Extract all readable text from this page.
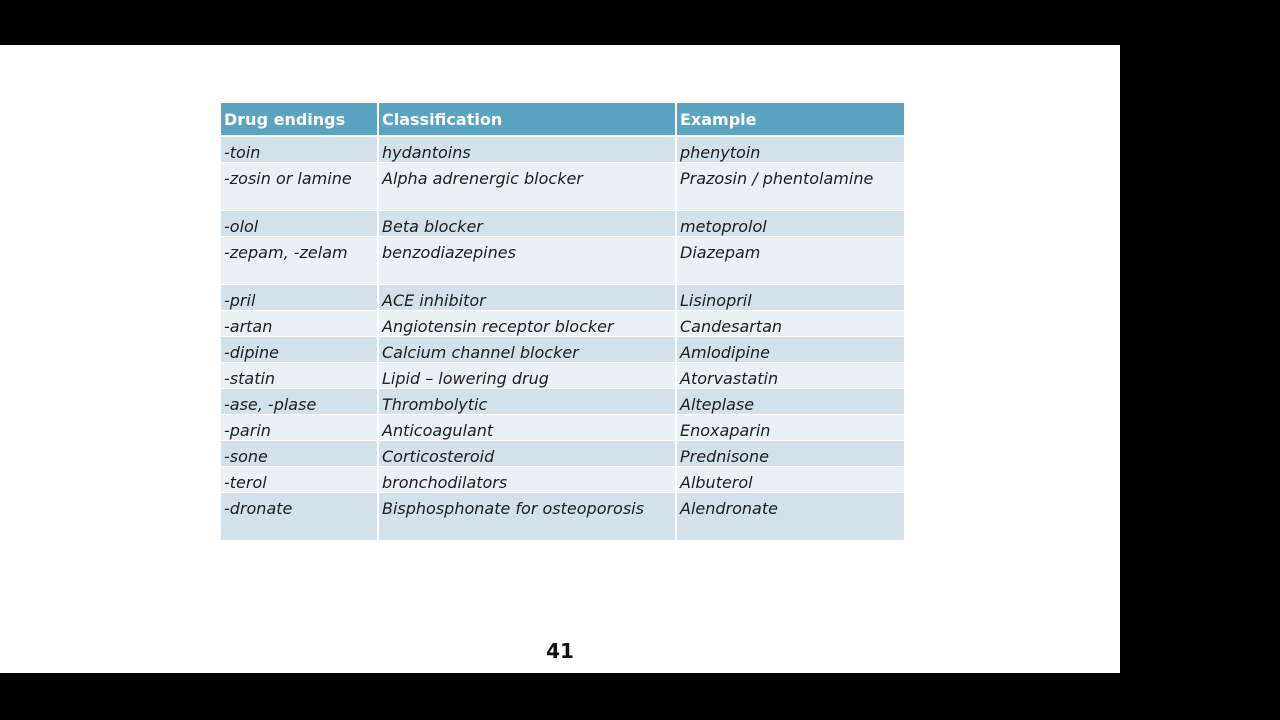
Drug endings	Classification	Example
-toin	hydantoins	phenytoin
-zosin or lamine	Alpha adrenergic blocker	Prazosin / phentolamine
-olol	Beta blocker	metoprolol
-zepam, -zelam	benzodiazepines	Diazepam
-pril	ACE inhibitor	Lisinopril
-artan	Angiotensin receptor blocker	Candesartan
-dipine	Calcium channel blocker	Amlodipine
-statin	Lipid – lowering drug	Atorvastatin
-ase, -plase	Thrombolytic	Alteplase
-parin	Anticoagulant	Enoxaparin
-sone	Corticosteroid	Prednisone
-terol	bronchodilators	Albuterol
-dronate	Bisphosphonate for osteoporosis	Alendronate
41
